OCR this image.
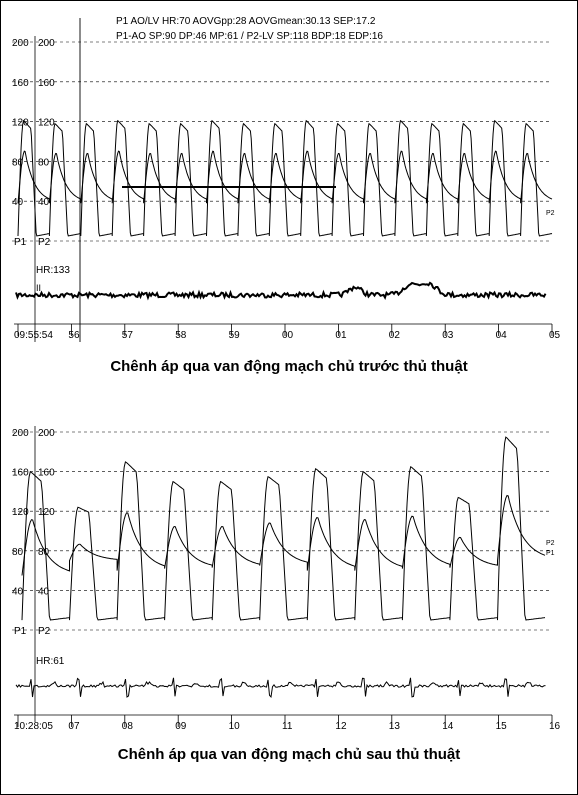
P1 AO/LV HR:70 AOVGpp:28 AOVGmean:30.13 SEP:17.2
P1-AO SP:90 DP:46 MP:61 / P2-LV SP:118 BDP:18 EDP:16
200 200
160 160
120 120
80 80
40 40
P1 P2
P2
HR:133
II
09:55:54 56	57	58	59	00	01	02	03	04	05
200 200
160 160
120 120
80 80
40 40
P1 P2
P2
P1
HR:61
10:28:05 07	08	09	10	11	12	13	14	15	16
Chênh áp qua van động mạch chủ trước thủ thuật
Chênh áp qua van động mạch chủ sau thủ thuật
